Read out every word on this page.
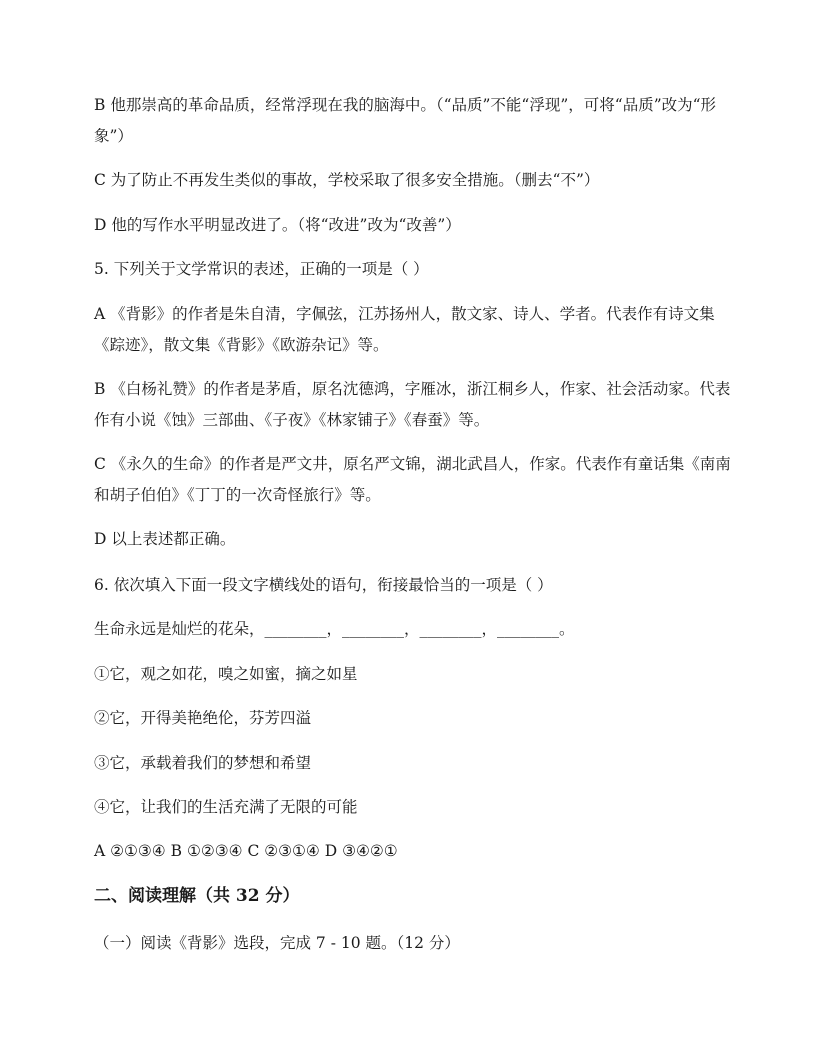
B 他那崇高的革命品质，经常浮现在我的脑海中。（“品质”不能“浮现”，可将“品质”改为“形象”）

C 为了防止不再发生类似的事故，学校采取了很多安全措施。（删去“不”）

D 他的写作水平明显改进了。（将“改进”改为“改善”）

5. 下列关于文学常识的表述，正确的一项是（ ）

A 《背影》的作者是朱自清，字佩弦，江苏扬州人，散文家、诗人、学者。代表作有诗文集《踪迹》，散文集《背影》《欧游杂记》等。

B 《白杨礼赞》的作者是茅盾，原名沈德鸿，字雁冰，浙江桐乡人，作家、社会活动家。代表作有小说《蚀》三部曲、《子夜》《林家铺子》《春蚕》等。

C 《永久的生命》的作者是严文井，原名严文锦，湖北武昌人，作家。代表作有童话集《南南和胡子伯伯》《丁丁的一次奇怪旅行》等。

D 以上表述都正确。

6. 依次填入下面一段文字横线处的语句，衔接最恰当的一项是（ ）

生命永远是灿烂的花朵，________，________，________，________。

①它，观之如花，嗅之如蜜，摘之如星

②它，开得美艳绝伦，芬芳四溢

③它，承载着我们的梦想和希望

④它，让我们的生活充满了无限的可能

A ②①③④ B ①②③④ C ②③①④ D ③④②①

二、阅读理解（共 32 分）

（一）阅读《背影》选段，完成 7 - 10 题。（12 分）
